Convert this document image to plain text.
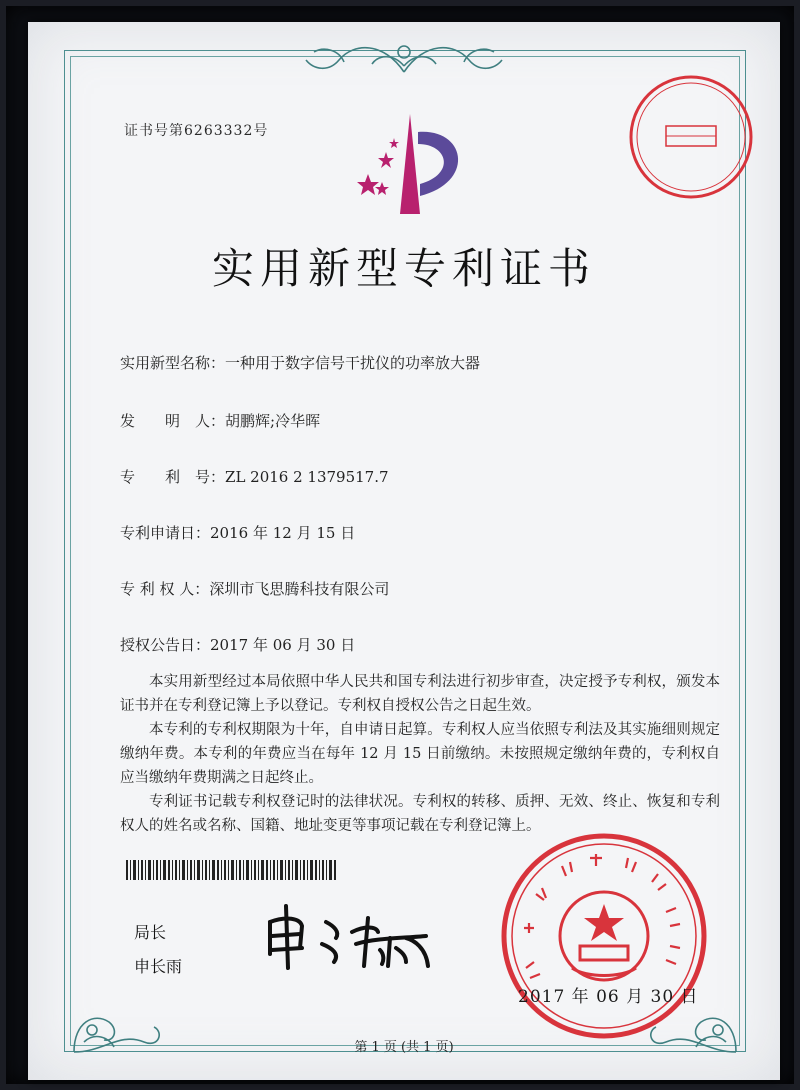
证书号第6263332号
实用新型专利证书
实用新型名称：一种用于数字信号干扰仪的功率放大器
发　　明　人：胡鹏辉;冷华晖
专　　利　号：ZL 2016 2 1379517.7
专利申请日：2016 年 12 月 15 日
专 利 权 人：深圳市飞思腾科技有限公司
授权公告日：2017 年 06 月 30 日

本实用新型经过本局依照中华人民共和国专利法进行初步审查，决定授予专利权，颁发本证书并在专利登记簿上予以登记。专利权自授权公告之日起生效。

本专利的专利权期限为十年，自申请日起算。专利权人应当依照专利法及其实施细则规定缴纳年费。本专利的年费应当在每年 12 月 15 日前缴纳。未按照规定缴纳年费的，专利权自应当缴纳年费期满之日起终止。

专利证书记载专利权登记时的法律状况。专利权的转移、质押、无效、终止、恢复和专利权人的姓名或名称、国籍、地址变更等事项记载在专利登记簿上。

局长
申长雨
2017 年 06 月 30 日
第 1 页 (共 1 页)
